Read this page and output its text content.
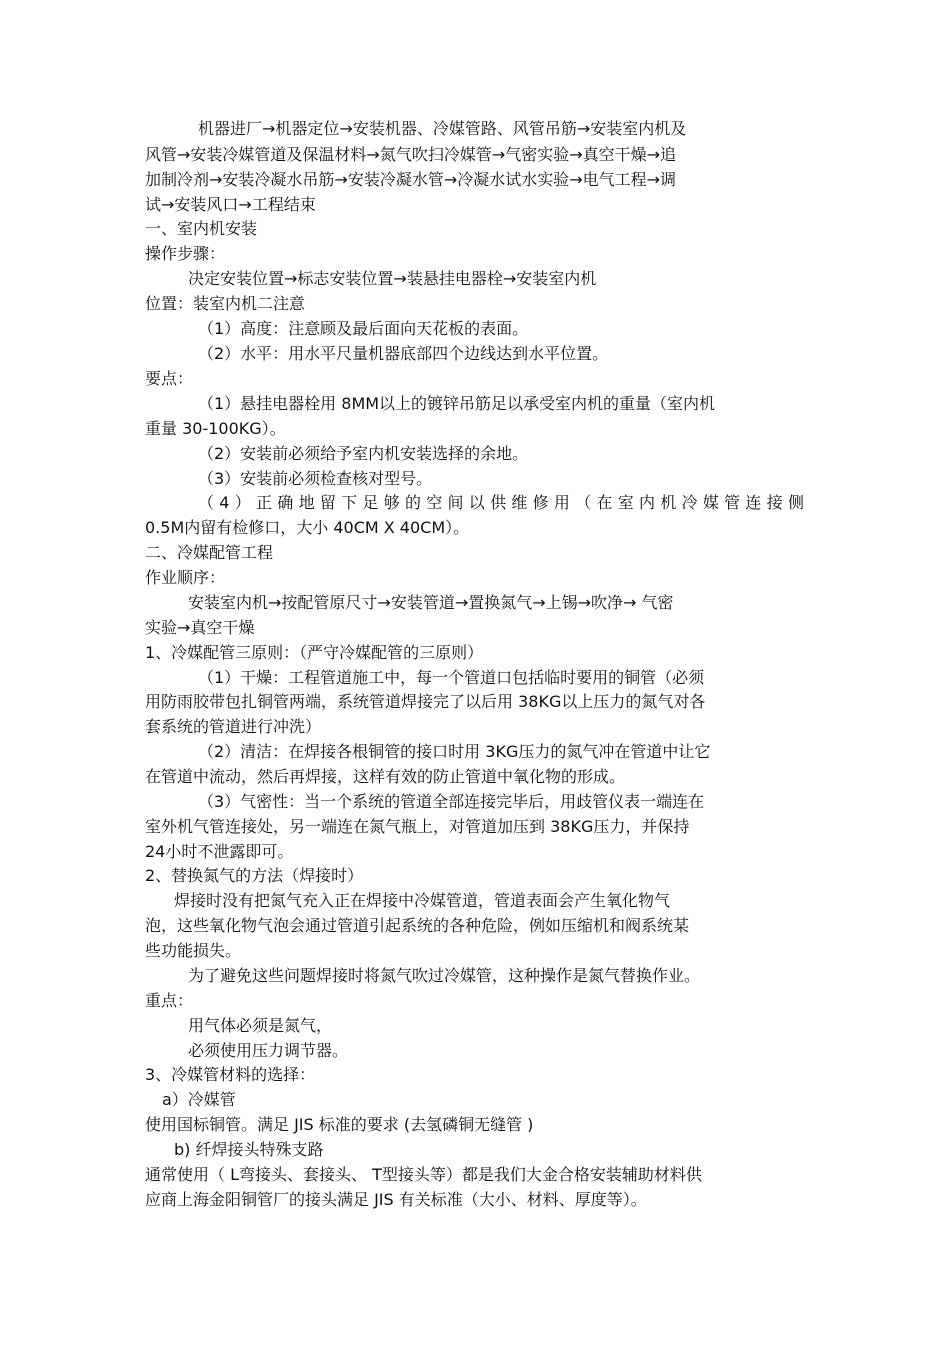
机器进厂→机器定位→安装机器、冷媒管路、风管吊筋→安装室内机及
风管→安装冷媒管道及保温材料→氮气吹扫冷媒管→气密实验→真空干燥→追
加制冷剂→安装冷凝水吊筋→安装冷凝水管→冷凝水试水实验→电气工程→调
试→安装风口→工程结束
一、室内机安装
操作步骤：
决定安装位置→标志安装位置→装悬挂电器栓→安装室内机
位置：装室内机二注意
（1）高度：注意顾及最后面向天花板的表面。
（2）水平：用水平尺量机器底部四个边线达到水平位置。
要点：
（1）悬挂电器栓用 8MM以上的镀锌吊筋足以承受室内机的重量（室内机
重量 30-100KG）。
（2）安装前必须给予室内机安装选择的余地。
（3）安装前必须检查核对型号。
（4）正确地留下足够的空间以供维修用（在室内机冷媒管连接侧
0.5M内留有检修口，大小 40CM X 40CM）。
二、冷媒配管工程
作业顺序：
安装室内机→按配管原尺寸→安装管道→置换氮气→上锡→吹净→ 气密
实验→真空干燥
1、冷媒配管三原则：（严守冷媒配管的三原则）
（1）干燥：工程管道施工中，每一个管道口包括临时要用的铜管（必须
用防雨胶带包扎铜管两端，系统管道焊接完了以后用 38KG以上压力的氮气对各
套系统的管道进行冲洗）
（2）清洁：在焊接各根铜管的接口时用 3KG压力的氮气冲在管道中让它
在管道中流动，然后再焊接，这样有效的防止管道中氧化物的形成。
（3）气密性：当一个系统的管道全部连接完毕后，用歧管仪表一端连在
室外机气管连接处，另一端连在氮气瓶上，对管道加压到 38KG压力，并保持
24小时不泄露即可。
2、替换氮气的方法（焊接时）
焊接时没有把氮气充入正在焊接中冷媒管道，管道表面会产生氧化物气
泡，这些氧化物气泡会通过管道引起系统的各种危险，例如压缩机和阀系统某
些功能损失。
为了避免这些问题焊接时将氮气吹过冷媒管，这种操作是氮气替换作业。
重点：
用气体必须是氮气，
必须使用压力调节器。
3、冷媒管材料的选择：
a）冷媒管
使用国标铜管。满足 JIS 标准的要求 (去氢磷铜无缝管 )
b) 纤焊接头特殊支路
通常使用（ L弯接头、套接头、 T型接头等）都是我们大金合格安装辅助材料供
应商上海金阳铜管厂的接头满足 JIS 有关标准（大小、材料、厚度等）。
